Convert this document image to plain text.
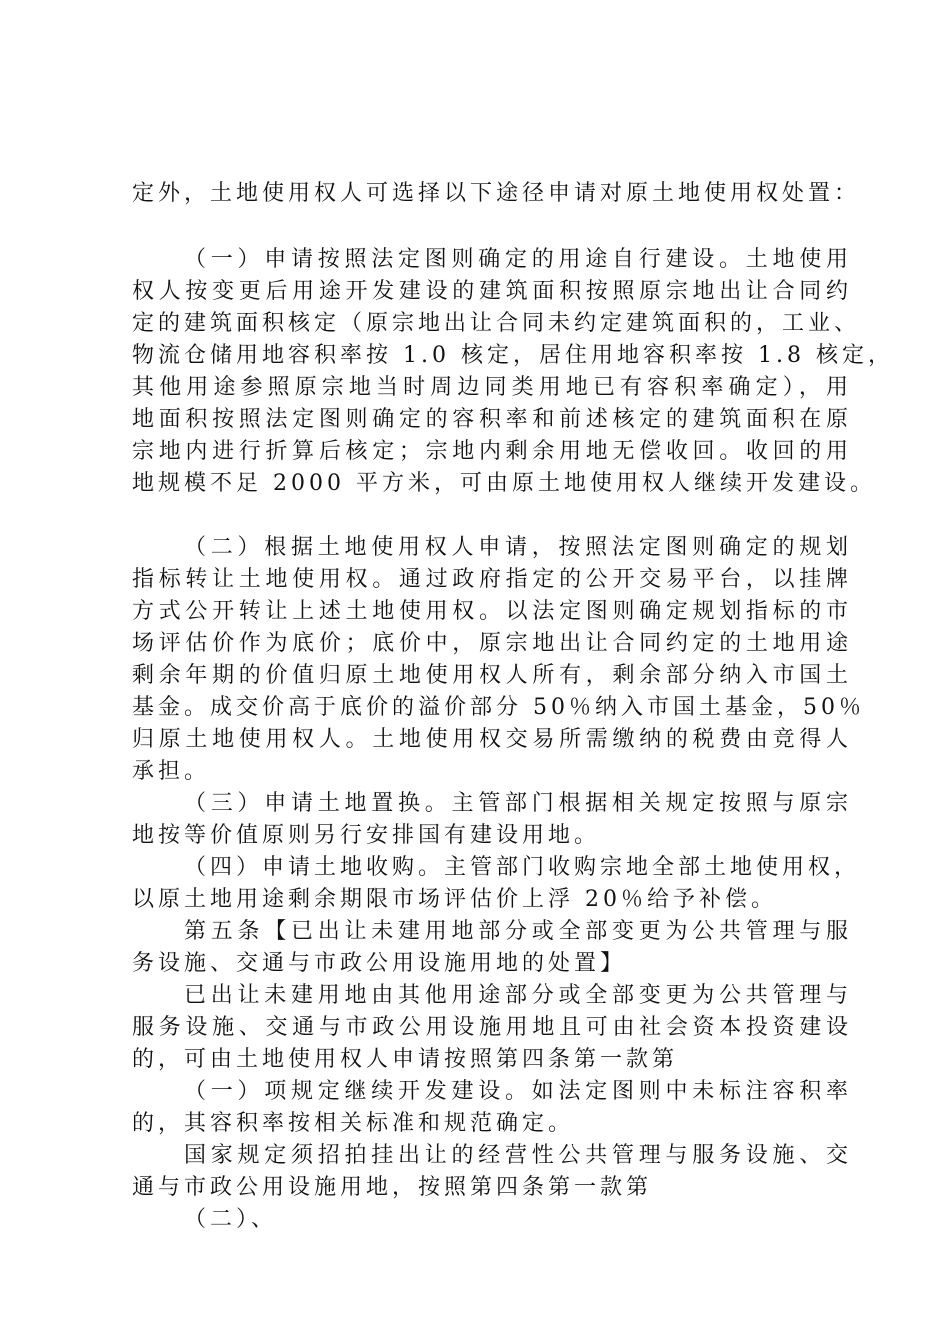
定外，土地使用权人可选择以下途径申请对原土地使用权处置：

（一）申请按照法定图则确定的用途自行建设。土地使用

权人按变更后用途开发建设的建筑面积按照原宗地出让合同约

定的建筑面积核定（原宗地出让合同未约定建筑面积的，工业、

物流仓储用地容积率按 1.0 核定，居住用地容积率按 1.8 核定，

其他用途参照原宗地当时周边同类用地已有容积率确定），用

地面积按照法定图则确定的容积率和前述核定的建筑面积在原

宗地内进行折算后核定；宗地内剩余用地无偿收回。收回的用

地规模不足 2000 平方米，可由原土地使用权人继续开发建设。

（二）根据土地使用权人申请，按照法定图则确定的规划

指标转让土地使用权。通过政府指定的公开交易平台，以挂牌

方式公开转让上述土地使用权。以法定图则确定规划指标的市

场评估价作为底价；底价中，原宗地出让合同约定的土地用途

剩余年期的价值归原土地使用权人所有，剩余部分纳入市国土

基金。成交价高于底价的溢价部分 50％纳入市国土基金，50％

归原土地使用权人。土地使用权交易所需缴纳的税费由竞得人

承担。

（三）申请土地置换。主管部门根据相关规定按照与原宗

地按等价值原则另行安排国有建设用地。

（四）申请土地收购。主管部门收购宗地全部土地使用权，

以原土地用途剩余期限市场评估价上浮 20％给予补偿。

第五条【已出让未建用地部分或全部变更为公共管理与服

务设施、交通与市政公用设施用地的处置】

已出让未建用地由其他用途部分或全部变更为公共管理与

服务设施、交通与市政公用设施用地且可由社会资本投资建设

的，可由土地使用权人申请按照第四条第一款第

（一）项规定继续开发建设。如法定图则中未标注容积率

的，其容积率按相关标准和规范确定。

国家规定须招拍挂出让的经营性公共管理与服务设施、交

通与市政公用设施用地，按照第四条第一款第

（二）、
